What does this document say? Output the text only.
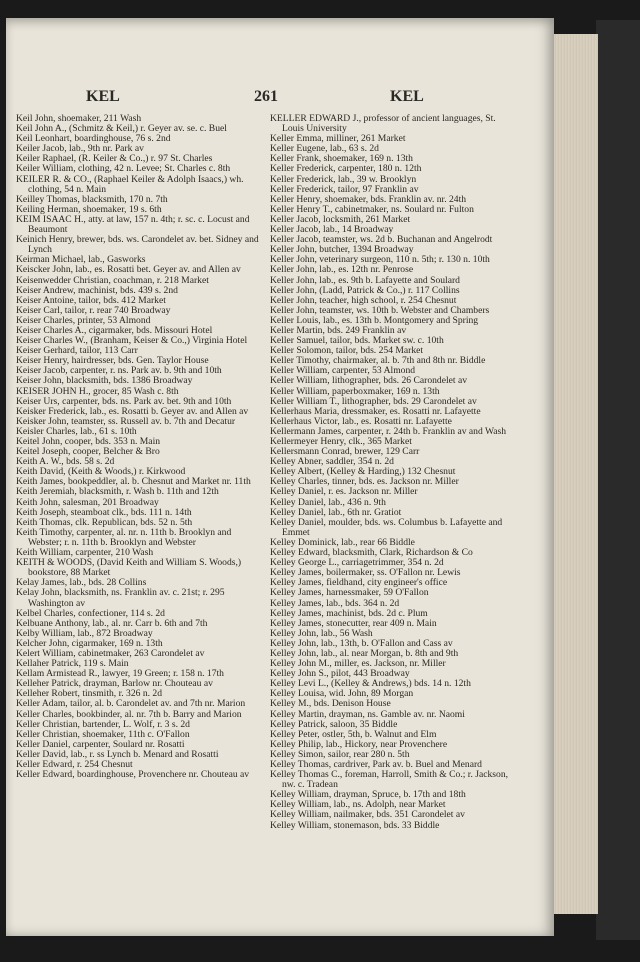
KEL	261	KEL

Keil John, shoemaker, 211 Wash

Keil John A., (Schmitz & Keil,) r. Geyer av. se. c. Buel

Keil Leonhart, boardinghouse, 76 s. 2nd

Keiler Jacob, lab., 9th nr. Park av

Keiler Raphael, (R. Keiler & Co.,) r. 97 St. Charles

Keiler William, clothing, 42 n. Levee; St. Charles c. 8th

KEILER R. & CO., (Raphael Keiler & Adolph Isaacs,) wh. clothing, 54 n. Main

Keilley Thomas, blacksmith, 170 n. 7th

Keiling Herman, shoemaker, 19 s. 6th

KEIM ISAAC H., atty. at law, 157 n. 4th; r. sc. c. Locust and Beaumont

Keinich Henry, brewer, bds. ws. Carondelet av. bet. Sidney and Lynch

Keirman Michael, lab., Gasworks

Keiscker John, lab., es. Rosatti bet. Geyer av. and Allen av

Keisenwedder Christian, coachman, r. 218 Market

Keiser Andrew, machinist, bds. 439 s. 2nd

Keiser Antoine, tailor, bds. 412 Market

Keiser Carl, tailor, r. rear 740 Broadway

Keiser Charles, printer, 53 Almond

Keiser Charles A., cigarmaker, bds. Missouri Hotel

Keiser Charles W., (Branham, Keiser & Co.,) Virginia Hotel

Keiser Gerhard, tailor, 113 Carr

Keiser Henry, hairdresser, bds. Gen. Taylor House

Keiser Jacob, carpenter, r. ns. Park av. b. 9th and 10th

Keiser John, blacksmith, bds. 1386 Broadway

KEISER JOHN H., grocer, 85 Wash c. 8th

Keiser Urs, carpenter, bds. ns. Park av. bet. 9th and 10th

Keisker Frederick, lab., es. Rosatti b. Geyer av. and Allen av

Keisker John, teamster, ss. Russell av. b. 7th and Decatur

Keisler Charles, lab., 61 s. 10th

Keitel John, cooper, bds. 353 n. Main

Keitel Joseph, cooper, Belcher & Bro

Keith A. W., bds. 58 s. 2d

Keith David, (Keith & Woods,) r. Kirkwood

Keith James, bookpeddler, al. b. Chesnut and Market nr. 11th

Keith Jeremiah, blacksmith, r. Wash b. 11th and 12th

Keith John, salesman, 201 Broadway

Keith Joseph, steamboat clk., bds. 111 n. 14th

Keith Thomas, clk. Republican, bds. 52 n. 5th

Keith Timothy, carpenter, al. nr. n. 11th b. Brooklyn and Webster; r. n. 11th b. Brooklyn and Webster

Keith William, carpenter, 210 Wash

KEITH & WOODS, (David Keith and William S. Woods,) bookstore, 88 Market

Kelay James, lab., bds. 28 Collins

Kelay John, blacksmith, ns. Franklin av. c. 21st; r. 295 Washington av

Kelbel Charles, confectioner, 114 s. 2d

Kelbuane Anthony, lab., al. nr. Carr b. 6th and 7th

Kelby William, lab., 872 Broadway

Kelcher John, cigarmaker, 169 n. 13th

Kelert William, cabinetmaker, 263 Carondelet av

Kellaher Patrick, 119 s. Main

Kellam Armistead R., lawyer, 19 Green; r. 158 n. 17th

Kelleher Patrick, drayman, Barlow nr. Chouteau av

Kelleher Robert, tinsmith, r. 326 n. 2d

Keller Adam, tailor, al. b. Carondelet av. and 7th nr. Marion

Keller Charles, bookbinder, al. nr. 7th b. Barry and Marion

Keller Christian, bartender, L. Wolf, r. 3 s. 2d

Keller Christian, shoemaker, 11th c. O'Fallon

Keller Daniel, carpenter, Soulard nr. Rosatti

Keller David, lab., r. ss Lynch b. Menard and Rosatti

Keller Edward, r. 254 Chesnut

Keller Edward, boardinghouse, Provenchere nr. Chouteau av

KELLER EDWARD J., professor of ancient languages, St. Louis University

Keller Emma, milliner, 261 Market

Keller Eugene, lab., 63 s. 2d

Keller Frank, shoemaker, 169 n. 13th

Keller Frederick, carpenter, 180 n. 12th

Keller Frederick, lab., 39 w. Brooklyn

Keller Frederick, tailor, 97 Franklin av

Keller Henry, shoemaker, bds. Franklin av. nr. 24th

Keller Henry T., cabinetmaker, ns. Soulard nr. Fulton

Keller Jacob, locksmith, 261 Market

Keller Jacob, lab., 14 Broadway

Keller Jacob, teamster, ws. 2d b. Buchanan and Angelrodt

Keller John, butcher, 1394 Broadway

Keller John, veterinary surgeon, 110 n. 5th; r. 130 n. 10th

Keller John, lab., es. 12th nr. Penrose

Keller John, lab., es. 9th b. Lafayette and Soulard

Keller John, (Ladd, Patrick & Co.,) r. 117 Collins

Keller John, teacher, high school, r. 254 Chesnut

Keller John, teamster, ws. 10th b. Webster and Chambers

Keller Louis, lab., es. 13th b. Montgomery and Spring

Keller Martin, bds. 249 Franklin av

Keller Samuel, tailor, bds. Market sw. c. 10th

Keller Solomon, tailor, bds. 254 Market

Keller Timothy, chairmaker, al. b. 7th and 8th nr. Biddle

Keller William, carpenter, 53 Almond

Keller William, lithographer, bds. 26 Carondelet av

Keller William, paperboxmaker, 169 n. 13th

Keller William T., lithographer, bds. 29 Carondelet av

Kellerhaus Maria, dressmaker, es. Rosatti nr. Lafayette

Kellerhaus Victor, lab., es. Rosatti nr. Lafayette

Kellermann James, carpenter, r. 24th b. Franklin av and Wash

Kellermeyer Henry, clk., 365 Market

Kellersmann Conrad, brewer, 129 Carr

Kelley Abner, saddler, 354 n. 2d

Kelley Albert, (Kelley & Harding,) 132 Chesnut

Kelley Charles, tinner, bds. es. Jackson nr. Miller

Kelley Daniel, r. es. Jackson nr. Miller

Kelley Daniel, lab., 436 n. 9th

Kelley Daniel, lab., 6th nr. Gratiot

Kelley Daniel, moulder, bds. ws. Columbus b. Lafayette and Emmet

Kelley Dominick, lab., rear 66 Biddle

Kelley Edward, blacksmith, Clark, Richardson & Co

Kelley George L., carriagetrimmer, 354 n. 2d

Kelley James, boilermaker, ss. O'Fallon nr. Lewis

Kelley James, fieldhand, city engineer's office

Kelley James, harnessmaker, 59 O'Fallon

Kelley James, lab., bds. 364 n. 2d

Kelley James, machinist, bds. 2d c. Plum

Kelley James, stonecutter, rear 409 n. Main

Kelley John, lab., 56 Wash

Kelley John, lab., 13th, b. O'Fallon and Cass av

Kelley John, lab., al. near Morgan, b. 8th and 9th

Kelley John M., miller, es. Jackson, nr. Miller

Kelley John S., pilot, 443 Broadway

Kelley Levi L., (Kelley & Andrews,) bds. 14 n. 12th

Kelley Louisa, wid. John, 89 Morgan

Kelley M., bds. Denison House

Kelley Martin, drayman, ns. Gamble av. nr. Naomi

Kelley Patrick, saloon, 35 Biddle

Kelley Peter, ostler, 5th, b. Walnut and Elm

Kelley Philip, lab., Hickory, near Provenchere

Kelley Simon, sailor, rear 280 n. 5th

Kelley Thomas, cardriver, Park av. b. Buel and Menard

Kelley Thomas C., foreman, Harroll, Smith & Co.; r. Jackson, nw. c. Tradean

Kelley William, drayman, Spruce, b. 17th and 18th

Kelley William, lab., ns. Adolph, near Market

Kelley William, nailmaker, bds. 351 Carondelet av

Kelley William, stonemason, bds. 33 Biddle
